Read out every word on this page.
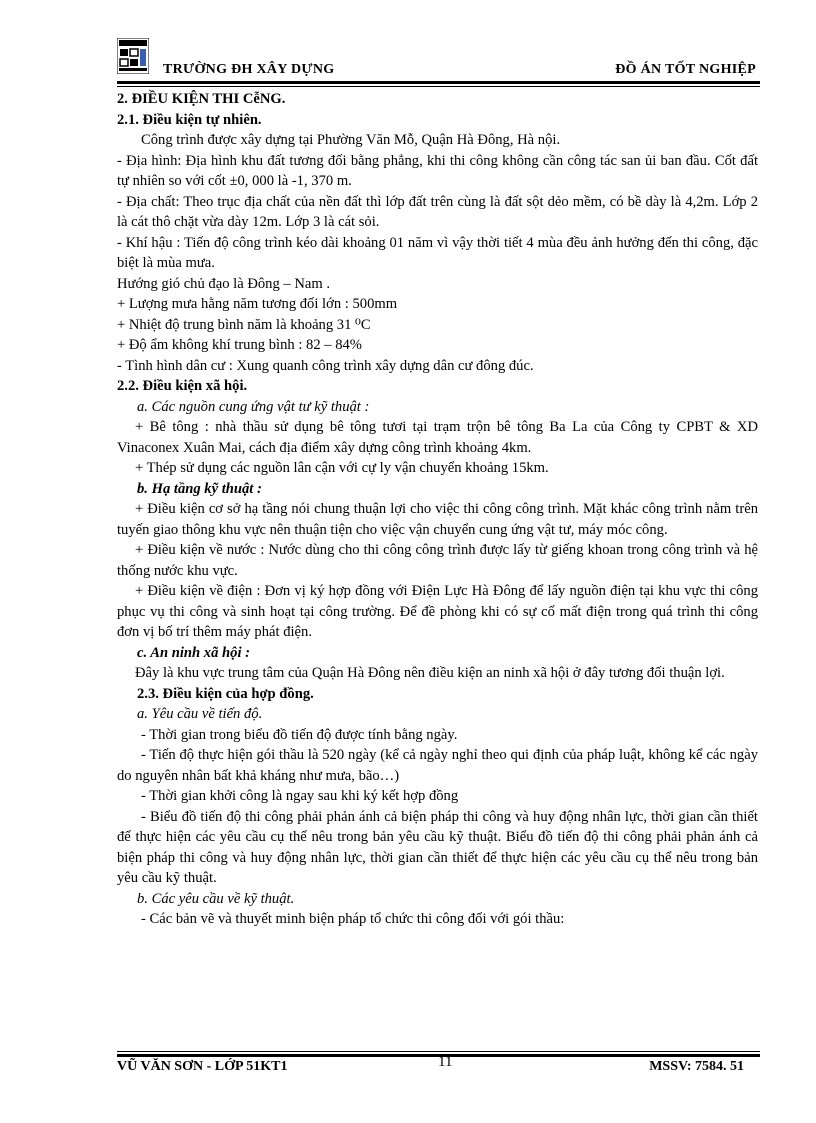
TRƯỜNG ĐH XÂY DỰNG	ĐỒ ÁN TỐT NGHIỆP

2. ĐIỀU KIỆN THI CễNG.

2.1. Điều kiện tự nhiên.

Công trình được xây dựng tại Phường Văn Mỗ, Quận Hà Đông, Hà nội.

- Địa hình: Địa hình khu đất tương đối bằng phẳng, khi thi công không cần công tác san ủi ban đầu. Cốt đất tự nhiên so với cốt ±0, 000 là -1, 370 m.

- Địa chất: Theo trục địa chất của nền đất thì lớp đất trên cùng là đất sột dẻo mềm, có bề dày là 4,2m. Lớp 2 là cát thô chặt vừa dày 12m. Lớp 3 là cát sỏi.

- Khí hậu : Tiến độ công trình kéo dài khoảng 01 năm vì vậy thời tiết 4 mùa đều ảnh hưởng đến thi công, đặc biệt là mùa mưa.

Hướng gió chủ đạo là Đông – Nam .

+ Lượng mưa hằng năm tương đối lớn : 500mm

+ Nhiệt độ trung bình năm là khoảng 31 ⁰C

+ Độ ẩm không khí trung bình : 82 – 84%

- Tình hình dân cư : Xung quanh công trình xây dựng dân cư đông đúc.

2.2. Điều kiện xã hội.

a. Các nguồn cung ứng vật tư kỹ thuật :

+ Bê tông : nhà thầu sử dụng bê tông tươi tại trạm trộn bê tông Ba La của Công ty CPBT & XD Vinaconex Xuân Mai, cách địa điểm xây dựng công trình khoảng 4km.

+ Thép sử dụng các nguồn lân cận với cự ly vận chuyển khoảng 15km.

b. Hạ tầng kỹ thuật :

+ Điều kiện cơ sở hạ tầng nói chung thuận lợi cho việc thi công công trình. Mặt khác công trình nằm trên tuyến giao thông khu vực nên thuận tiện cho việc vận chuyển cung ứng vật tư, máy móc công.

+ Điều kiện về nước : Nước dùng cho thi công công trình được lấy từ giếng khoan trong công trình và hệ thống nước khu vực.

+ Điều kiện về điện : Đơn vị ký hợp đồng với Điện Lực Hà Đông để lấy nguồn điện tại khu vực thi công phục vụ thi công và sinh hoạt tại công trường. Để đề phòng khi có sự cố mất điện trong quá trình thi công đơn vị bố trí thêm máy phát điện.

c. An ninh xã hội :

Đây là khu vực trung tâm của Quận Hà Đông nên điều kiện an ninh xã hội ở đây tương đối thuận lợi.

2.3. Điều kiện của hợp đồng.

a. Yêu cầu về tiến độ.

- Thời gian trong biểu đồ tiến độ được tính bằng ngày.

- Tiến độ thực hiện gói thầu là 520 ngày (kể cả ngày nghỉ theo qui định của pháp luật, không kể các ngày do nguyên nhân bất khả kháng như mưa, bão…)

- Thời gian khởi công là ngay sau khi ký kết hợp đồng

- Biểu đồ tiến độ thi công phải phản ánh cả biện pháp thi công và huy động nhân lực, thời gian cần thiết để thực hiện các yêu cầu cụ thể nêu trong bản yêu cầu kỹ thuật. Biểu đồ tiến độ thi công phải phản ánh cả biện pháp thi công và huy động nhân lực, thời gian cần thiết để thực hiện các yêu cầu cụ thể nêu trong bản yêu cầu kỹ thuật.

b. Các yêu cầu về kỹ thuật.

- Các bản vẽ và thuyết minh biện pháp tổ chức thi công đối với gói thầu:

VŨ VĂN SƠN - LỚP 51KT1	11	MSSV: 7584. 51
